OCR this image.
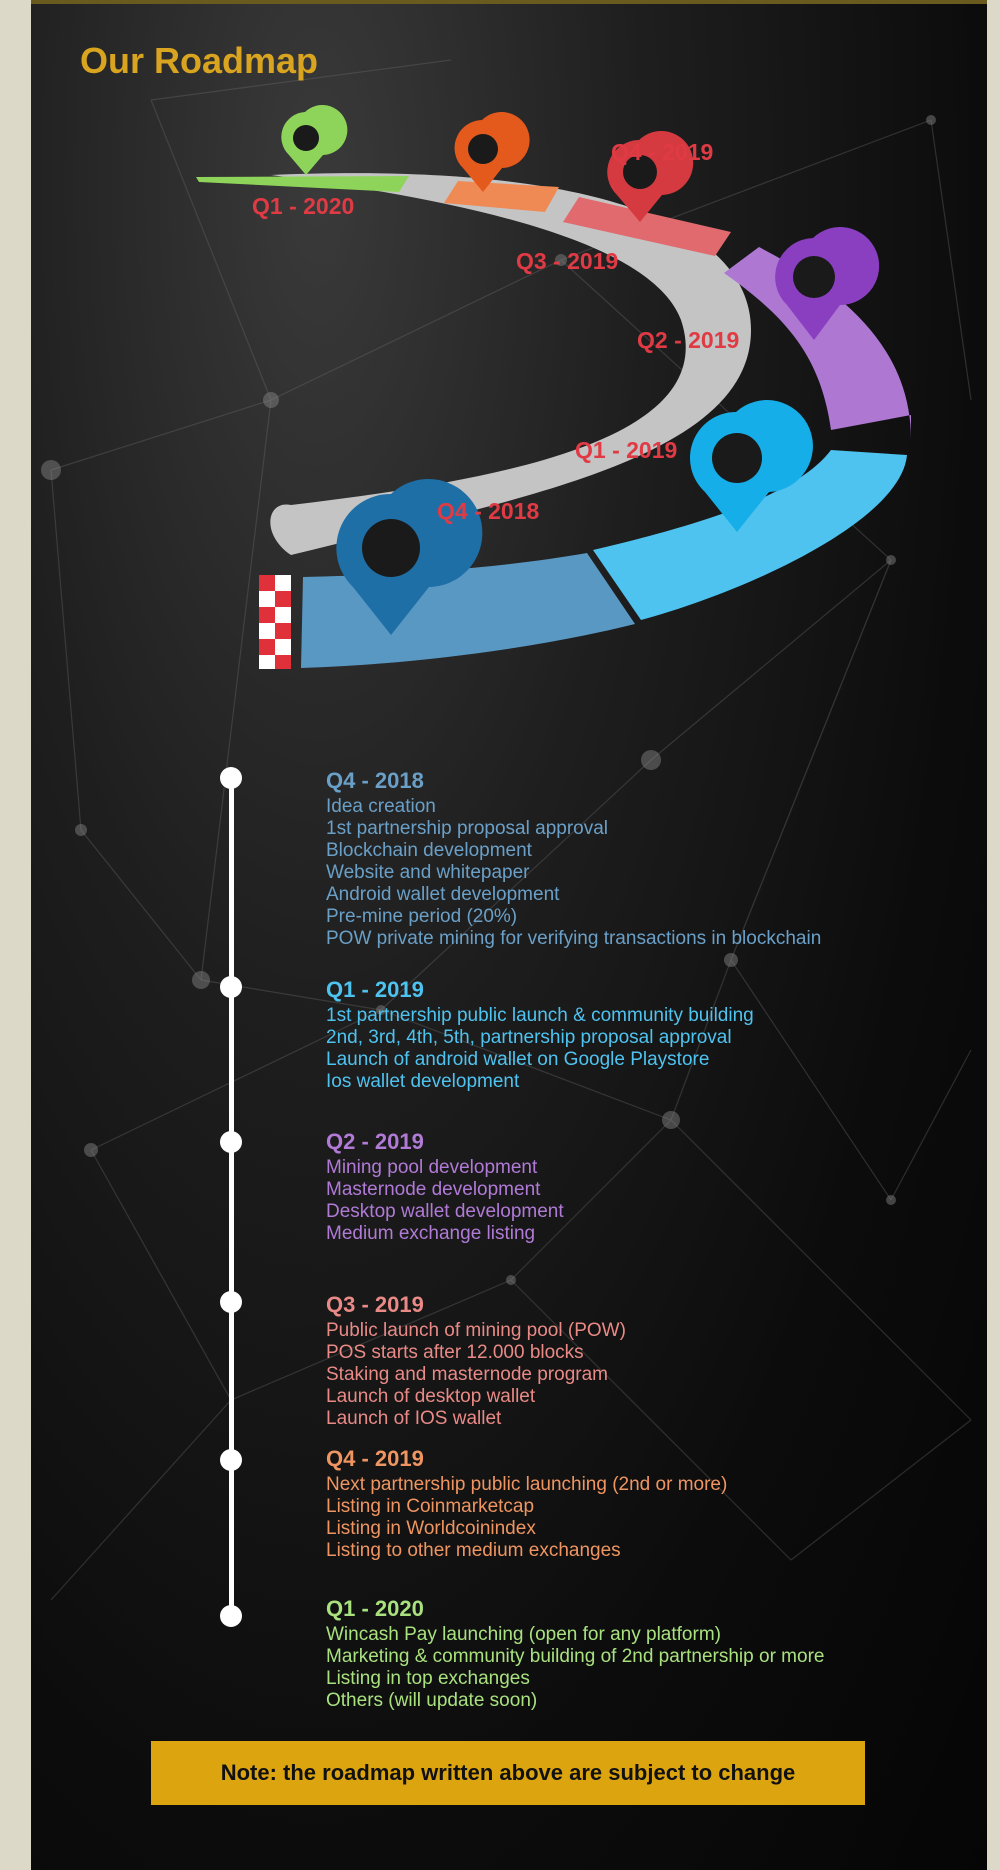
Our Roadmap
Q1 - 2020
Q4 - 2019
Q3 - 2019
Q2 - 2019
Q1 - 2019
Q4 - 2018
Q4 - 2018
Idea creation
1st partnership proposal approval
Blockchain development
Website and whitepaper
Android wallet development
Pre-mine period (20%)
POW private mining for verifying transactions in blockchain
Q1 - 2019
1st partnership public launch & community building
2nd, 3rd, 4th, 5th, partnership proposal approval
Launch of android wallet on Google Playstore
Ios wallet development
Q2 - 2019
Mining pool development
Masternode development
Desktop wallet development
Medium exchange listing
Q3 - 2019
Public launch of mining pool (POW)
POS starts after 12.000 blocks
Staking and masternode program
Launch of desktop wallet
Launch of IOS wallet
Q4 - 2019
Next partnership public launching (2nd or more)
Listing in Coinmarketcap
Listing in Worldcoinindex
Listing to other medium exchanges
Q1 - 2020
Wincash Pay launching (open for any platform)
Marketing & community building of 2nd partnership or more
Listing in top exchanges
Others (will update soon)
Note: the roadmap written above are subject to change
